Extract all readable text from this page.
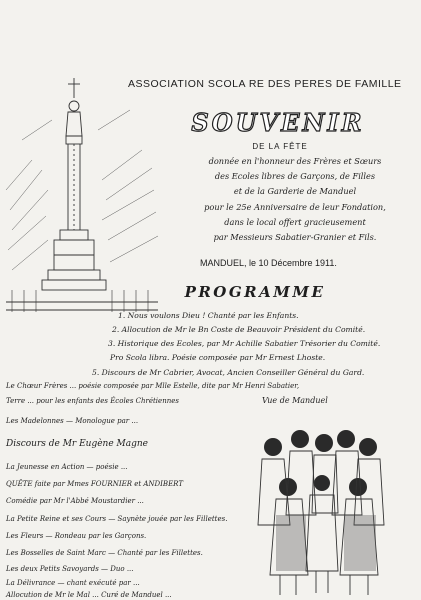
ASSOCIATION SCOLA RE DES PERES DE FAMILLE
SOUVENIR
DE LA FÊTE
donnée en l'honneur des Frères et Sœurs
des Ecoles libres de Garçons, de Filles
et de la Garderie de Manduel
pour le 25e Anniversaire de leur Fondation,
dans le local offert gracieusement
par Messieurs Sabatier-Granier et Fils.
MANDUEL, le 10 Décembre 1911.
PROGRAMME
1. Nous voulons Dieu ! Chanté par les Enfants.
2. Allocution de Mr le Bn Coste de Beauvoir Président du Comité.
3. Historique des Ecoles, par Mr Achille Sabatier Trésorier du Comité.
Pro Scola libra. Poésie composée par Mr Ernest Lhoste.
5. Discours de Mr Cabrier, Avocat, Ancien Conseiller Général du Gard.
Le Chœur Frères ... poésie composée par Mlle Estelle, dite par Mr Henri Sabatier,
Terre ... pour les enfants des Écoles Chrétiennes
Les Madelonnes — Monologue par ...
Discours de Mr Eugène Magne
La Jeunesse en Action — poésie ...
QUÊTE faite par Mmes FOURNIER et ANDIBERT
Comédie par Mr l'Abbé Moustardier ...
La Petite Reine et ses Cours — Saynète jouée par les Fillettes.
Les Fleurs — Rondeau par les Garçons.
Les Bosselles de Saint Marc — Chanté par les Fillettes.
Les deux Petits Savoyards — Duo ...
La Délivrance — chant exécuté par ...
Allocution de Mr le Mal ... Curé de Manduel ...
Vue de Manduel
